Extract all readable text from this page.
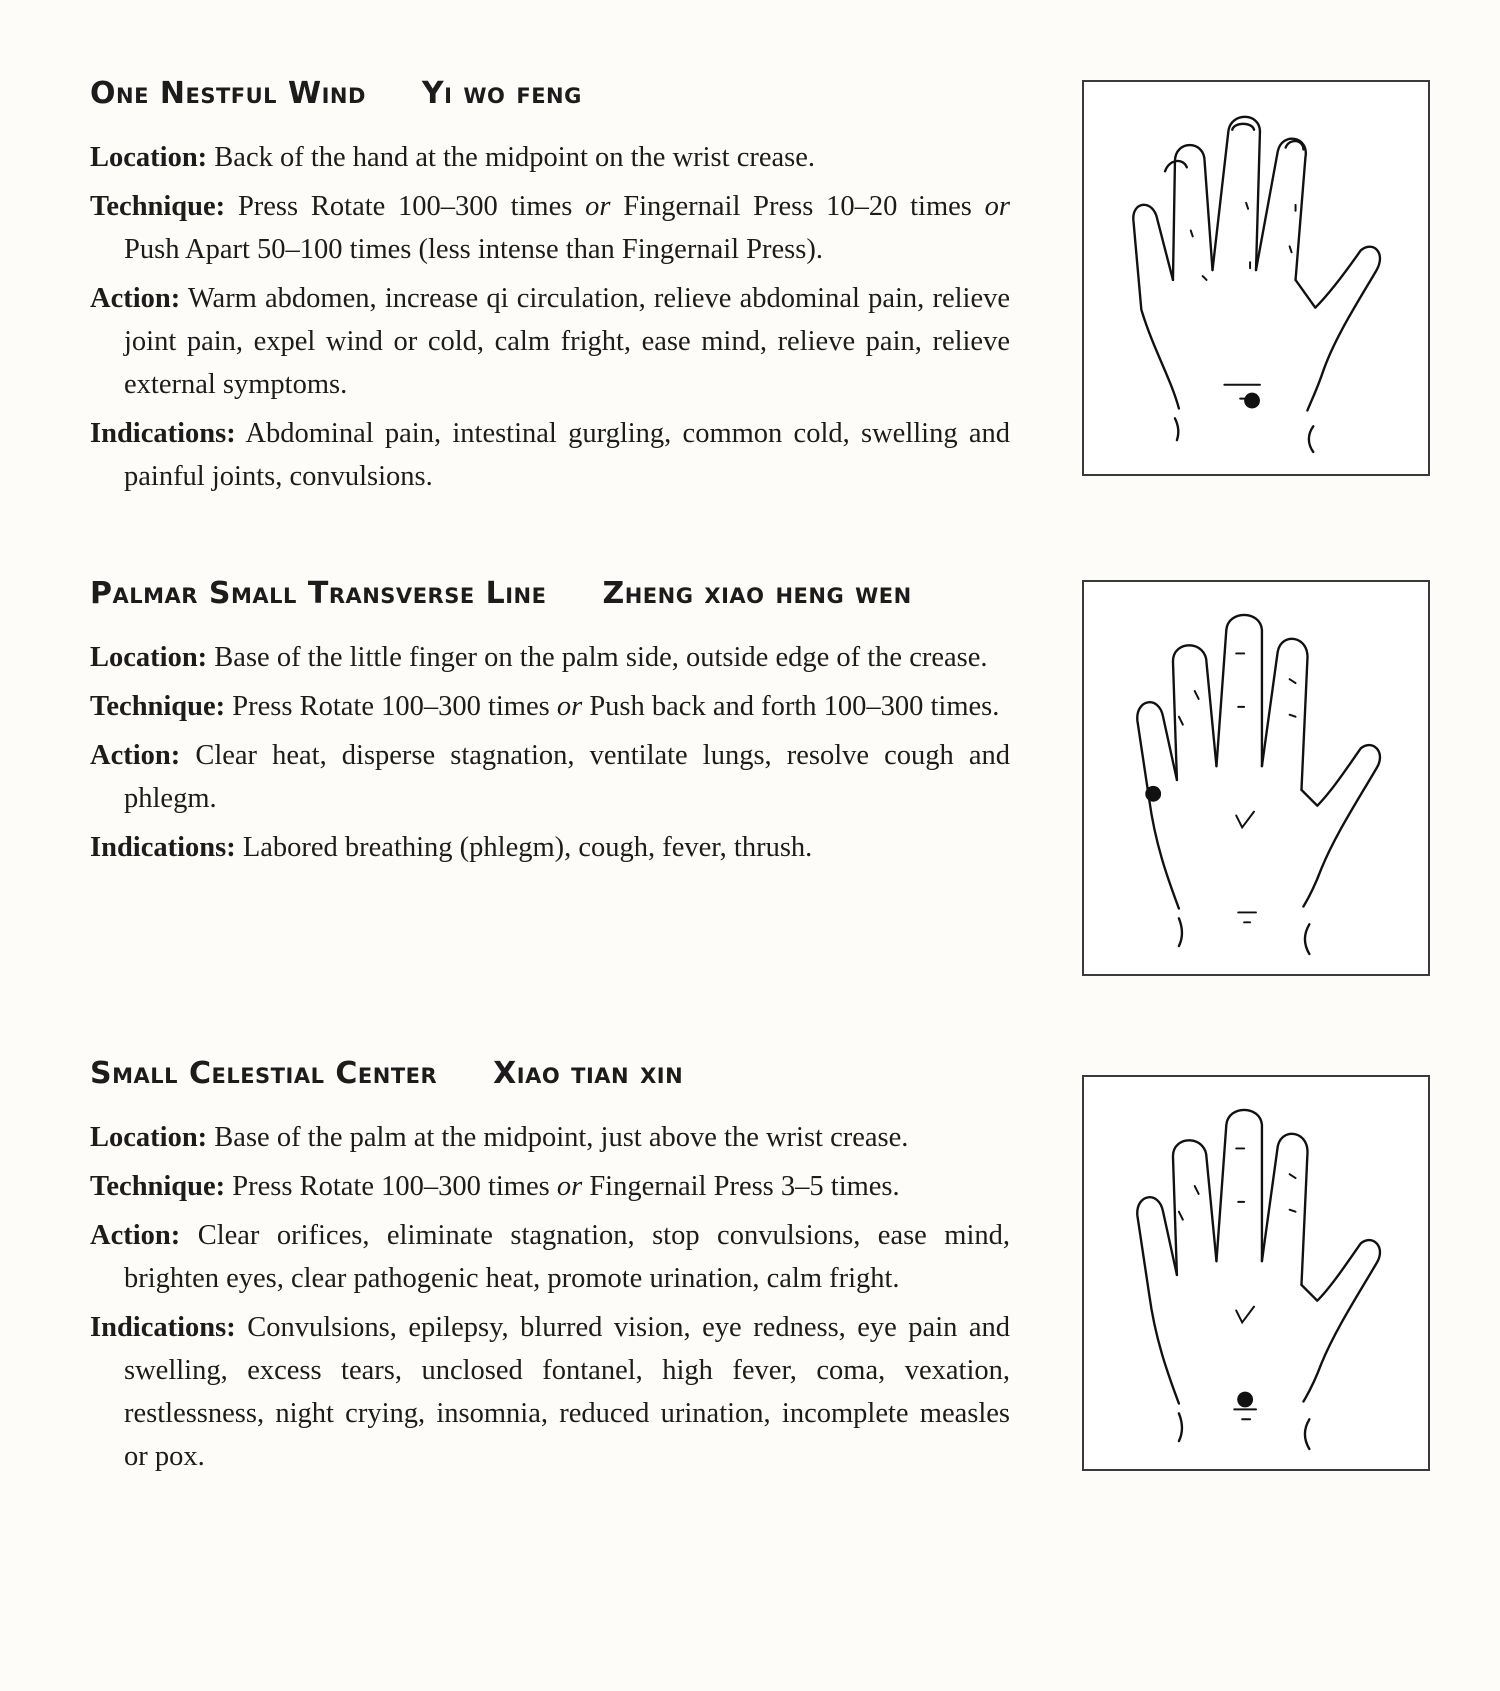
One Nestful Wind Yi wo feng

Location: Back of the hand at the midpoint on the wrist crease.

Technique: Press Rotate 100–300 times or Fingernail Press 10–20 times or Push Apart 50–100 times (less intense than Fingernail Press).

Action: Warm abdomen, increase qi circulation, relieve abdominal pain, relieve joint pain, expel wind or cold, calm fright, ease mind, relieve pain, relieve external symptoms.

Indications: Abdominal pain, intestinal gurgling, common cold, swelling and painful joints, convulsions.

Palmar Small Transverse Line Zheng xiao heng wen

Location: Base of the little finger on the palm side, outside edge of the crease.

Technique: Press Rotate 100–300 times or Push back and forth 100–300 times.

Action: Clear heat, disperse stagnation, ventilate lungs, resolve cough and phlegm.

Indications: Labored breathing (phlegm), cough, fever, thrush.

Small Celestial Center Xiao tian xin

Location: Base of the palm at the midpoint, just above the wrist crease.

Technique: Press Rotate 100–300 times or Fingernail Press 3–5 times.

Action: Clear orifices, eliminate stagnation, stop convulsions, ease mind, brighten eyes, clear pathogenic heat, promote urination, calm fright.

Indications: Convulsions, epilepsy, blurred vision, eye redness, eye pain and swelling, excess tears, unclosed fontanel, high fever, coma, vexation, restlessness, night crying, insomnia, reduced urination, incomplete measles or pox.
